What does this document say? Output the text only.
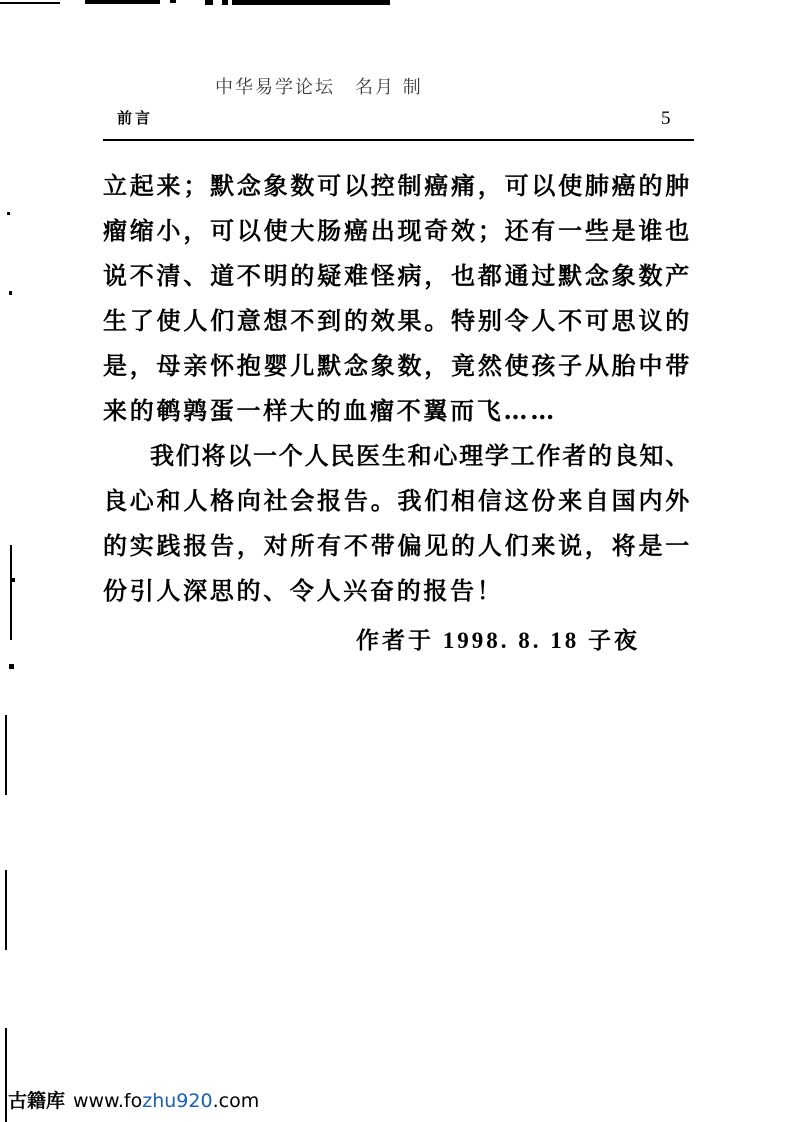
中华易学论坛　名月 制
前言	5
立起来；默念象数可以控制癌痛，可以使肺癌的肿
瘤缩小，可以使大肠癌出现奇效；还有一些是谁也
说不清、道不明的疑难怪病，也都通过默念象数产
生了使人们意想不到的效果。特别令人不可思议的
是，母亲怀抱婴儿默念象数，竟然使孩子从胎中带
来的鹌鹑蛋一样大的血瘤不翼而飞……
我们将以一个人民医生和心理学工作者的良知、
良心和人格向社会报告。我们相信这份来自国内外
的实践报告，对所有不带偏见的人们来说，将是一
份引人深思的、令人兴奋的报告！
作者于 1998. 8. 18 子夜
古籍库 www.fozhu920.com
